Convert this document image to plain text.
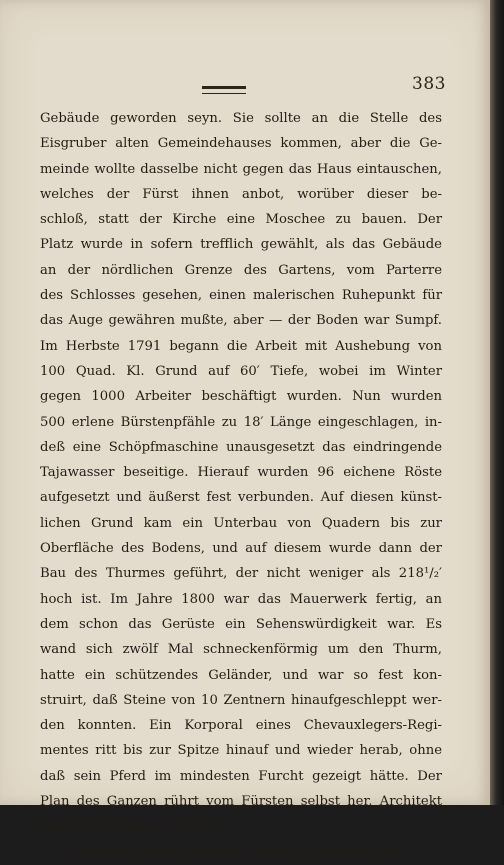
383
Gebäude geworden seyn. Sie sollte an die Stelle des
Eisgruber alten Gemeindehauses kommen, aber die Ge-
meinde wollte dasselbe nicht gegen das Haus eintauschen,
welches der Fürst ihnen anbot, worüber dieser be-
schloß, statt der Kirche eine Moschee zu bauen. Der
Platz wurde in sofern trefflich gewählt, als das Gebäude
an der nördlichen Grenze des Gartens, vom Parterre
des Schlosses gesehen, einen malerischen Ruhepunkt für
das Auge gewähren mußte, aber — der Boden war Sumpf.
Im Herbste 1791 begann die Arbeit mit Aushebung von
100 Quad. Kl. Grund auf 60′ Tiefe, wobei im Winter
gegen 1000 Arbeiter beschäftigt wurden. Nun wurden
500 erlene Bürstenpfähle zu 18′ Länge eingeschlagen, in-
deß eine Schöpfmaschine unausgesetzt das eindringende
Tajawasser beseitige. Hierauf wurden 96 eichene Röste
aufgesetzt und äußerst fest verbunden. Auf diesen künst-
lichen Grund kam ein Unterbau von Quadern bis zur
Oberfläche des Bodens, und auf diesem wurde dann der
Bau des Thurmes geführt, der nicht weniger als 218¹/₂′
hoch ist. Im Jahre 1800 war das Mauerwerk fertig, an
dem schon das Gerüste ein Sehenswürdigkeit war. Es
wand sich zwölf Mal schneckenförmig um den Thurm,
hatte ein schützendes Geländer, und war so fest kon-
struirt, daß Steine von 10 Zentnern hinaufgeschleppt wer-
den konnten. Ein Korporal eines Chevauxlegers-Regi-
mentes ritt bis zur Spitze hinauf und wieder herab, ohne
daß sein Pferd im mindesten Furcht gezeigt hätte. Der
Plan des Ganzen rührt vom Fürsten selbst her, Architekt
Hardtmuth führte ihn aus.
Auf einer etwas erhöhten Terrasse erhebt sich ein
